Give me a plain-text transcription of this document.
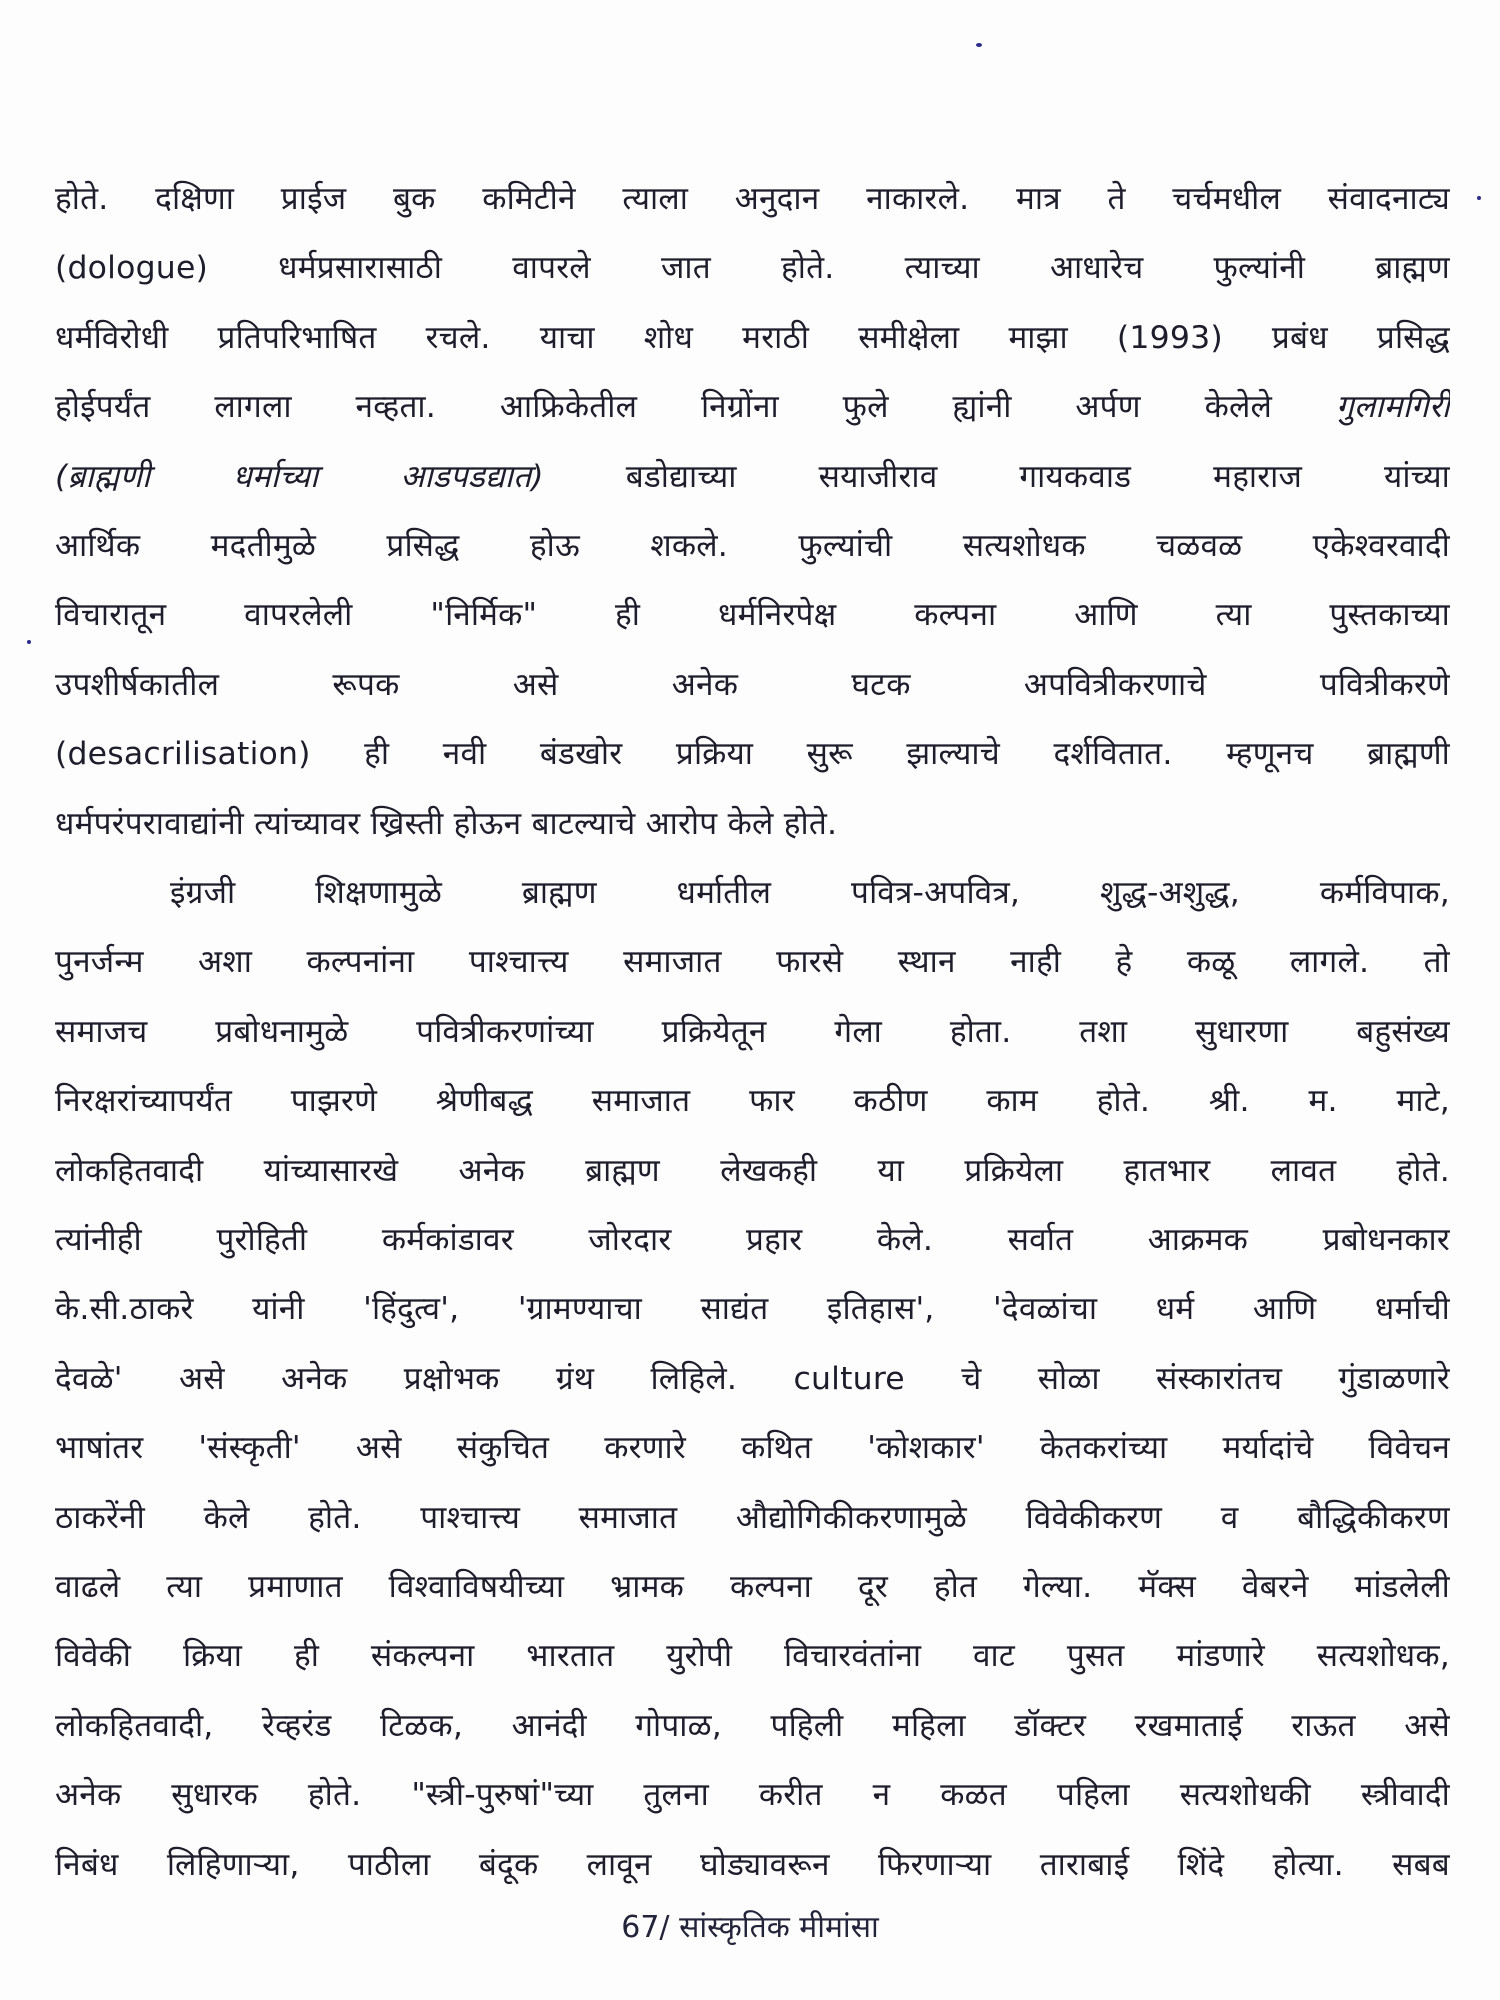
होते. दक्षिणा प्राईज बुक कमिटीने त्याला अनुदान नाकारले. मात्र ते चर्चमधील संवादनाट्य
(dologue) धर्मप्रसारासाठी वापरले जात होते. त्याच्या आधारेच फुल्यांनी ब्राह्मण
धर्मविरोधी प्रतिपरिभाषित रचले. याचा शोध मराठी समीक्षेला माझा (1993) प्रबंध प्रसिद्ध
होईपर्यंत लागला नव्हता. आफ्रिकेतील निग्रोंना फुले ह्यांनी अर्पण केलेले गुलामगिरी
(ब्राह्मणी धर्माच्या आडपडद्यात)	बडोद्याच्या सयाजीराव गायकवाड महाराज यांच्या
आर्थिक मदतीमुळे प्रसिद्ध होऊ शकले. फुल्यांची सत्यशोधक चळवळ एकेश्वरवादी
विचारातून वापरलेली "निर्मिक" ही धर्मनिरपेक्ष कल्पना आणि त्या पुस्तकाच्या
उपशीर्षकातील रूपक असे अनेक घटक अपवित्रीकरणाचे पवित्रीकरणे
(desacrilisation) ही नवी बंडखोर प्रक्रिया सुरू झाल्याचे दर्शवितात. म्हणूनच ब्राह्मणी
धर्मपरंपरावाद्यांनी त्यांच्यावर ख्रिस्ती होऊन बाटल्याचे आरोप केले होते.
इंग्रजी शिक्षणामुळे ब्राह्मण धर्मातील पवित्र-अपवित्र, शुद्ध-अशुद्ध, कर्मविपाक,
पुनर्जन्म अशा कल्पनांना पाश्चात्त्य समाजात फारसे स्थान नाही हे कळू लागले. तो
समाजच प्रबोधनामुळे पवित्रीकरणांच्या प्रक्रियेतून गेला होता. तशा सुधारणा बहुसंख्य
निरक्षरांच्यापर्यंत पाझरणे श्रेणीबद्ध समाजात फार कठीण काम होते. श्री. म. माटे,
लोकहितवादी यांच्यासारखे अनेक ब्राह्मण लेखकही या प्रक्रियेला हातभार लावत होते.
त्यांनीही पुरोहिती कर्मकांडावर जोरदार प्रहार केले. सर्वात आक्रमक प्रबोधनकार
के.सी.ठाकरे यांनी 'हिंदुत्व', 'ग्रामण्याचा साद्यंत इतिहास', 'देवळांचा धर्म आणि धर्माची
देवळे' असे अनेक प्रक्षोभक ग्रंथ लिहिले. culture चे सोळा संस्कारांतच गुंडाळणारे
भाषांतर 'संस्कृती' असे संकुचित करणारे कथित 'कोशकार' केतकरांच्या मर्यादांचे विवेचन
ठाकरेंनी केले होते. पाश्चात्त्य समाजात औद्योगिकीकरणामुळे विवेकीकरण व बौद्धिकीकरण
वाढले त्या प्रमाणात विश्वाविषयीच्या भ्रामक कल्पना दूर होत गेल्या. मॅक्स वेबरने मांडलेली
विवेकी क्रिया ही संकल्पना भारतात युरोपी विचारवंतांना वाट पुसत मांडणारे सत्यशोधक,
लोकहितवादी, रेव्हरंड टिळक, आनंदी गोपाळ, पहिली महिला डॉक्टर रखमाताई राऊत असे
अनेक सुधारक होते. "स्त्री-पुरुषां"च्या तुलना करीत न कळत पहिला सत्यशोधकी स्त्रीवादी
निबंध लिहिणाऱ्या, पाठीला बंदूक लावून घोड्यावरून फिरणाऱ्या ताराबाई शिंदे होत्या. सबब
67/ सांस्कृतिक मीमांसा
